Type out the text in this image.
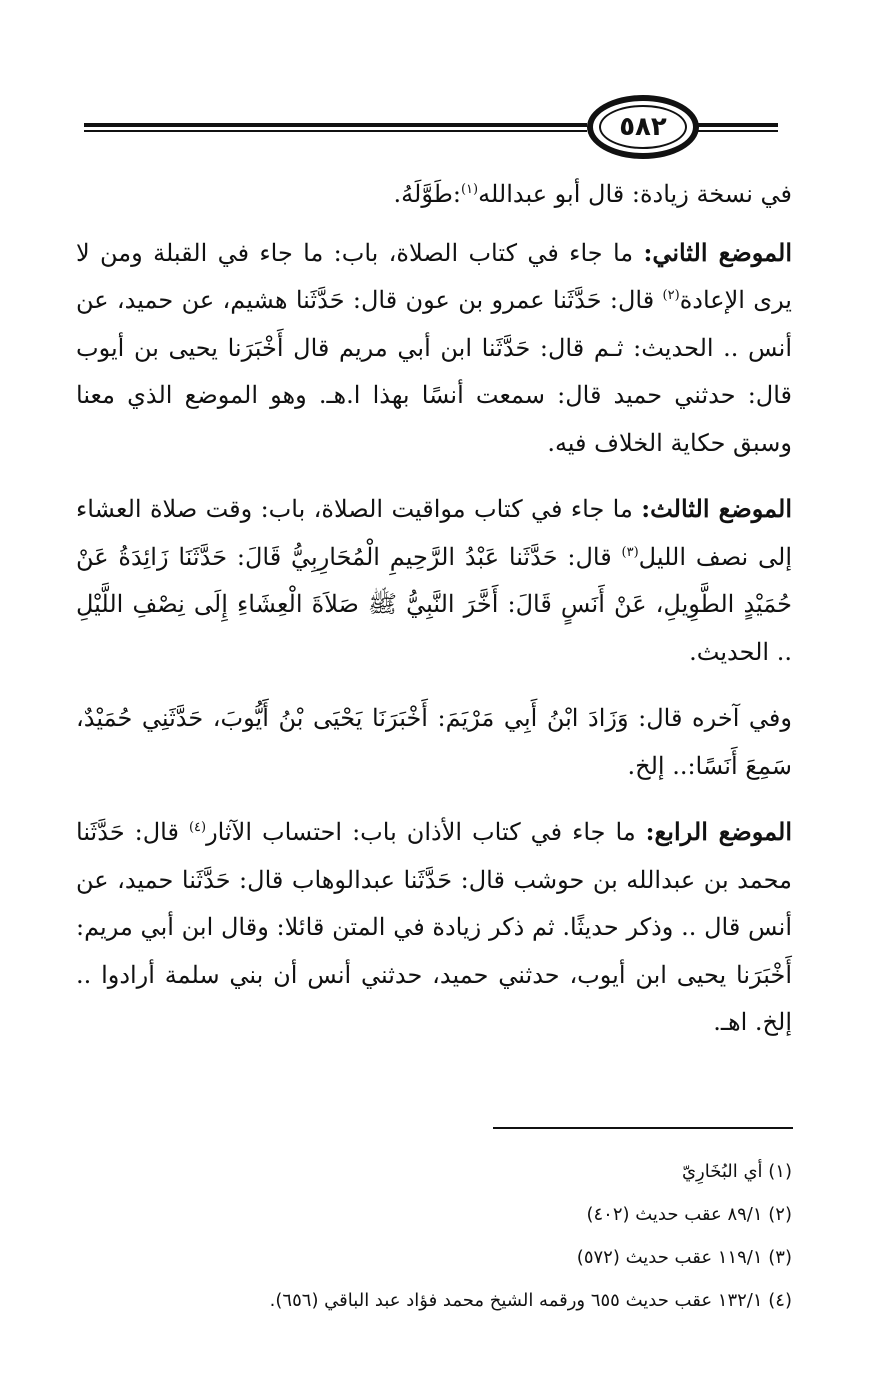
٥٨٢

في نسخة زيادة: قال أبو عبدالله$^{(١)}$:طَوَّلَهُ.

الموضع الثاني: ما جاء في كتاب الصلاة، باب: ما جاء في القبلة ومن لا يرى الإعادة$^{(٢)}$ قال: حَدَّثَنا عمرو بن عون قال: حَدَّثَنا هشيم، عن حميد، عن أنس .. الحديث: ثـم قال: حَدَّثَنا ابن أبي مريم قال أَخْبَرَنا يحيى بن أيوب قال: حدثني حميد قال: سمعت أنسًا بهذا ا.هـ. وهو الموضع الذي معنا وسبق حكاية الخلاف فيه.

الموضع الثالث: ما جاء في كتاب مواقيت الصلاة، باب: وقت صلاة العشاء إلى نصف الليل$^{(٣)}$ قال: حَدَّثَنا عَبْدُ الرَّحِيمِ الْمُحَارِبِيُّ قَالَ: حَدَّثَنَا زَائِدَةُ عَنْ حُمَيْدٍ الطَّوِيلِ، عَنْ أَنَسٍ قَالَ: أَخَّرَ النَّبِيُّ ﷺ صَلاَةَ الْعِشَاءِ إِلَى نِصْفِ اللَّيْلِ .. الحديث.

وفي آخره قال: وَزَادَ ابْنُ أَبِي مَرْيَمَ: أَخْبَرَنَا يَحْيَى بْنُ أَيُّوبَ، حَدَّثَنِي حُمَيْدٌ، سَمِعَ أَنَسًا:.. إلخ.

الموضع الرابع: ما جاء في كتاب الأذان باب: احتساب الآثار$^{(٤)}$ قال: حَدَّثَنا محمد بن عبدالله بن حوشب قال: حَدَّثَنا عبدالوهاب قال: حَدَّثَنا حميد، عن أنس قال .. وذكر حديثًا. ثم ذكر زيادة في المتن قائلا: وقال ابن أبي مريم: أَخْبَرَنا يحيى ابن أيوب، حدثني حميد، حدثني أنس أن بني سلمة أرادوا .. إلخ. اهـ.

(١) أي البُخَارِيّ

(٢) ٨٩/١ عقب حديث (٤٠٢)

(٣) ١١٩/١ عقب حديث (٥٧٢)

(٤) ١٣٢/١ عقب حديث ٦٥٥ ورقمه الشيخ محمد فؤاد عبد الباقي (٦٥٦).
